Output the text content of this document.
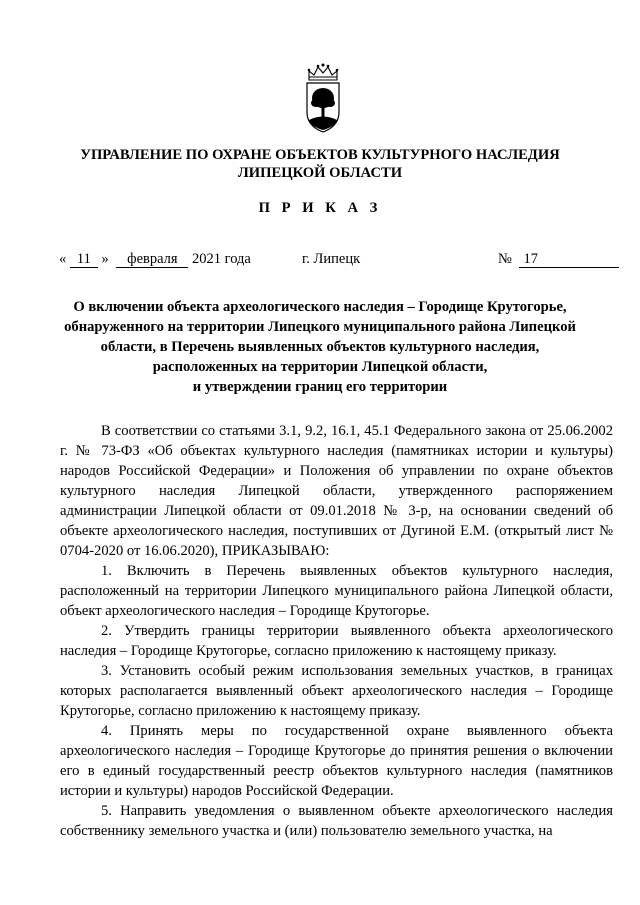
УПРАВЛЕНИЕ ПО ОХРАНЕ ОБЪЕКТОВ КУЛЬТУРНОГО НАСЛЕДИЯ
ЛИПЕЦКОЙ ОБЛАСТИ
П Р И К А З
« 11 » февраля 2021 года	г. Липецк	№ 17
О включении объекта археологического наследия – Городище Крутогорье,
обнаруженного на территории Липецкого муниципального района Липецкой
области, в Перечень выявленных объектов культурного наследия,
расположенных на территории Липецкой области,
и утверждении границ его территории

В соответствии со статьями 3.1, 9.2, 16.1, 45.1 Федерального закона от 25.06.2002 г. № 73-ФЗ «Об объектах культурного наследия (памятниках истории и культуры) народов Российской Федерации» и Положения об управлении по охране объектов культурного наследия Липецкой области, утвержденного распоряжением администрации Липецкой области от 09.01.2018 № 3-р, на основании сведений об объекте археологического наследия, поступивших от Дугиной Е.М. (открытый лист № 0704-2020 от 16.06.2020), ПРИКАЗЫВАЮ:

1. Включить в Перечень выявленных объектов культурного наследия, расположенный на территории Липецкого муниципального района Липецкой области, объект археологического наследия – Городище Крутогорье.

2. Утвердить границы территории выявленного объекта археологического наследия – Городище Крутогорье, согласно приложению к настоящему приказу.

3. Установить особый режим использования земельных участков, в границах которых располагается выявленный объект археологического наследия – Городище Крутогорье, согласно приложению к настоящему приказу.

4. Принять меры по государственной охране выявленного объекта археологического наследия – Городище Крутогорье до принятия решения о включении его в единый государственный реестр объектов культурного наследия (памятников истории и культуры) народов Российской Федерации.

5. Направить уведомления о выявленном объекте археологического наследия собственнику земельного участка и (или) пользователю земельного участка, на
